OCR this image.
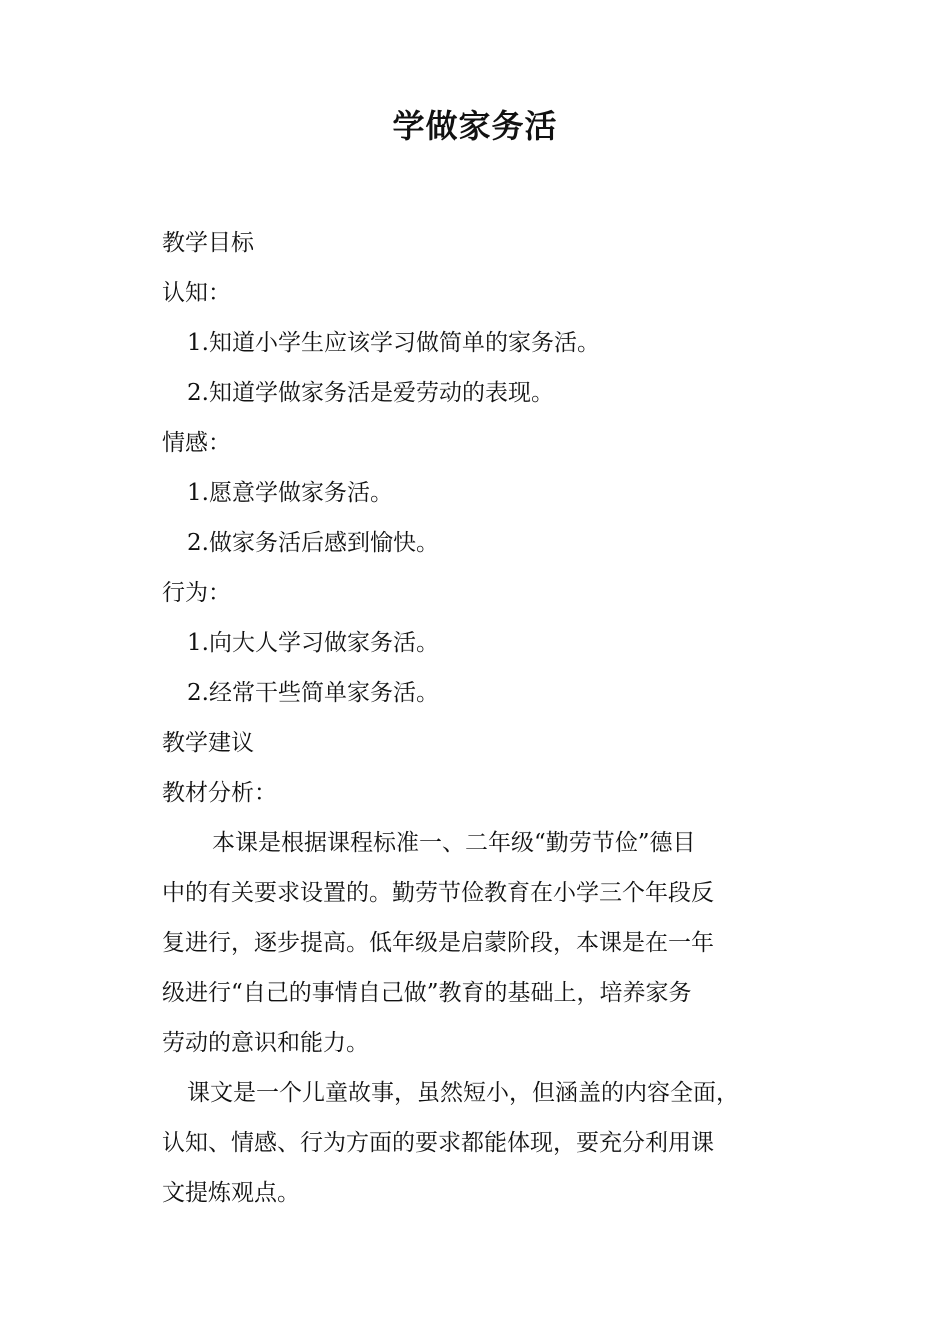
学做家务活
教学目标
认知：
1.知道小学生应该学习做简单的家务活。
2.知道学做家务活是爱劳动的表现。
情感：
1.愿意学做家务活。
2.做家务活后感到愉快。
行为：
1.向大人学习做家务活。
2.经常干些简单家务活。
教学建议
教材分析：
本课是根据课程标准一、二年级“勤劳节俭”德目
中的有关要求设置的。勤劳节俭教育在小学三个年段反
复进行，逐步提高。低年级是启蒙阶段，本课是在一年
级进行“自己的事情自己做”教育的基础上，培养家务
劳动的意识和能力。
课文是一个儿童故事，虽然短小，但涵盖的内容全面，
认知、情感、行为方面的要求都能体现，要充分利用课
文提炼观点。
